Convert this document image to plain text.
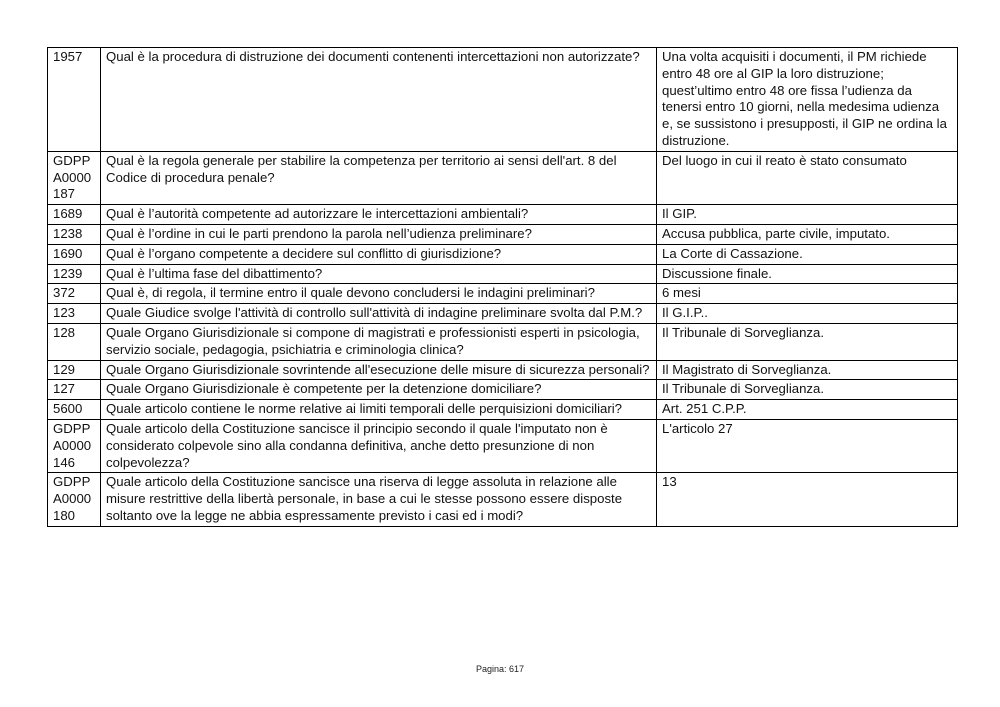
1957	Qual è la procedura di distruzione dei documenti contenenti intercettazioni non autorizzate?	Una volta acquisiti i documenti, il PM richiede entro 48 ore al GIP la loro distruzione; quest’ultimo entro 48 ore fissa l’udienza da tenersi entro 10 giorni, nella medesima udienza e, se sussistono i presupposti, il GIP ne ordina la distruzione.
GDPP A0000 187	Qual è la regola generale per stabilire la competenza per territorio ai sensi dell'art. 8 del Codice di procedura penale?	Del luogo in cui il reato è stato consumato
1689	Qual è l’autorità competente ad autorizzare le intercettazioni ambientali?	Il GIP.
1238	Qual è l’ordine in cui le parti prendono la parola nell’udienza preliminare?	Accusa pubblica, parte civile, imputato.
1690	Qual è l’organo competente a decidere sul conflitto di giurisdizione?	La Corte di Cassazione.
1239	Qual è l’ultima fase del dibattimento?	Discussione finale.
372	Qual è, di regola, il termine entro il quale devono concludersi le indagini preliminari?	6 mesi
123	Quale Giudice svolge l'attività di controllo sull'attività di indagine preliminare svolta dal P.M.?	Il G.I.P..
128	Quale Organo Giurisdizionale si compone di magistrati e professionisti esperti in psicologia, servizio sociale, pedagogia, psichiatria e criminologia clinica?	Il Tribunale di Sorveglianza.
129	Quale Organo Giurisdizionale sovrintende all'esecuzione delle misure di sicurezza personali?	Il Magistrato di Sorveglianza.
127	Quale Organo Giurisdizionale è competente per la detenzione domiciliare?	Il Tribunale di Sorveglianza.
5600	Quale articolo contiene le norme relative ai limiti temporali delle perquisizioni domiciliari?	Art. 251 C.P.P.
GDPP A0000 146	Quale articolo della Costituzione sancisce il principio secondo il quale l'imputato non è considerato colpevole sino alla condanna definitiva, anche detto presunzione di non colpevolezza?	L'articolo 27
GDPP A0000 180	Quale articolo della Costituzione sancisce una riserva di legge assoluta in relazione alle misure restrittive della libertà personale, in base a cui le stesse possono essere disposte soltanto ove la legge ne abbia espressamente previsto i casi ed i modi?	13
Pagina: 617
